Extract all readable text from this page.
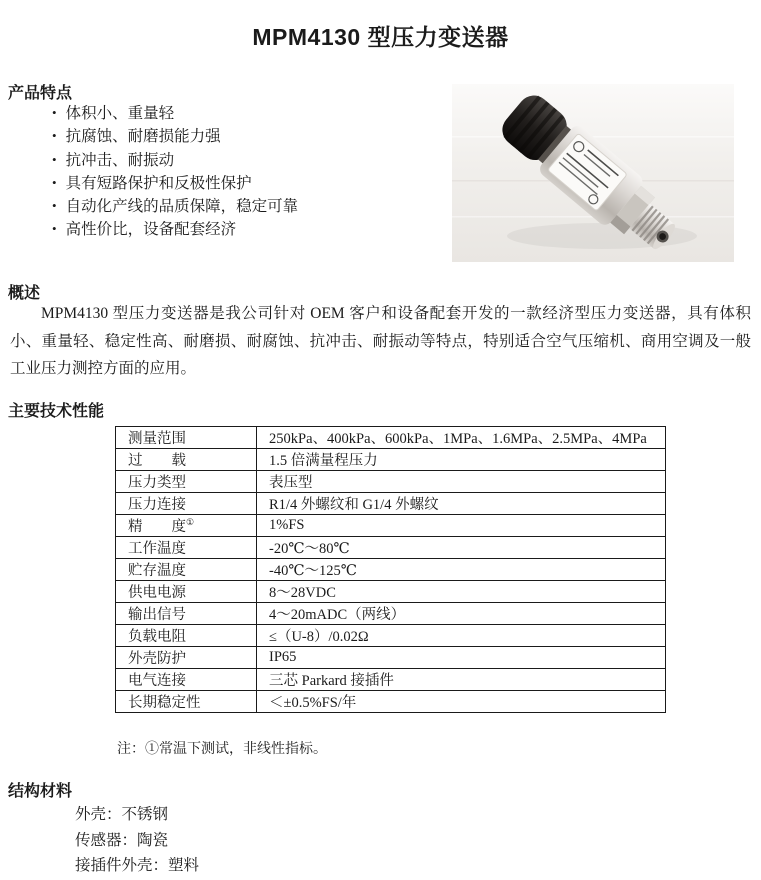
MPM4130 型压力变送器
产品特点
• 体积小、重量轻
• 抗腐蚀、耐磨损能力强
• 抗冲击、耐振动
• 具有短路保护和反极性保护
• 自动化产线的品质保障，稳定可靠
• 高性价比，设备配套经济
概述

MPM4130 型压力变送器是我公司针对 OEM 客户和设备配套开发的一款经济型压力变送器，具有体积小、重量轻、稳定性高、耐磨损、耐腐蚀、抗冲击、耐振动等特点，特别适合空气压缩机、商用空调及一般工业压力测控方面的应用。

主要技术性能
测量范围	250kPa、400kPa、600kPa、1MPa、1.6MPa、2.5MPa、4MPa
过　　载	1.5 倍满量程压力
压力类型	表压型
压力连接	R1/4 外螺纹和 G1/4 外螺纹
精　　度①	1%FS
工作温度	-20℃～80℃
贮存温度	-40℃～125℃
供电电源	8～28VDC
输出信号	4～20mADC（两线）
负载电阻	≤（U-8）/0.02Ω
外壳防护	IP65
电气连接	三芯 Parkard 接插件
长期稳定性	＜±0.5%FS/年
注：①常温下测试，非线性指标。
结构材料
外壳：不锈钢
传感器：陶瓷
接插件外壳：塑料
